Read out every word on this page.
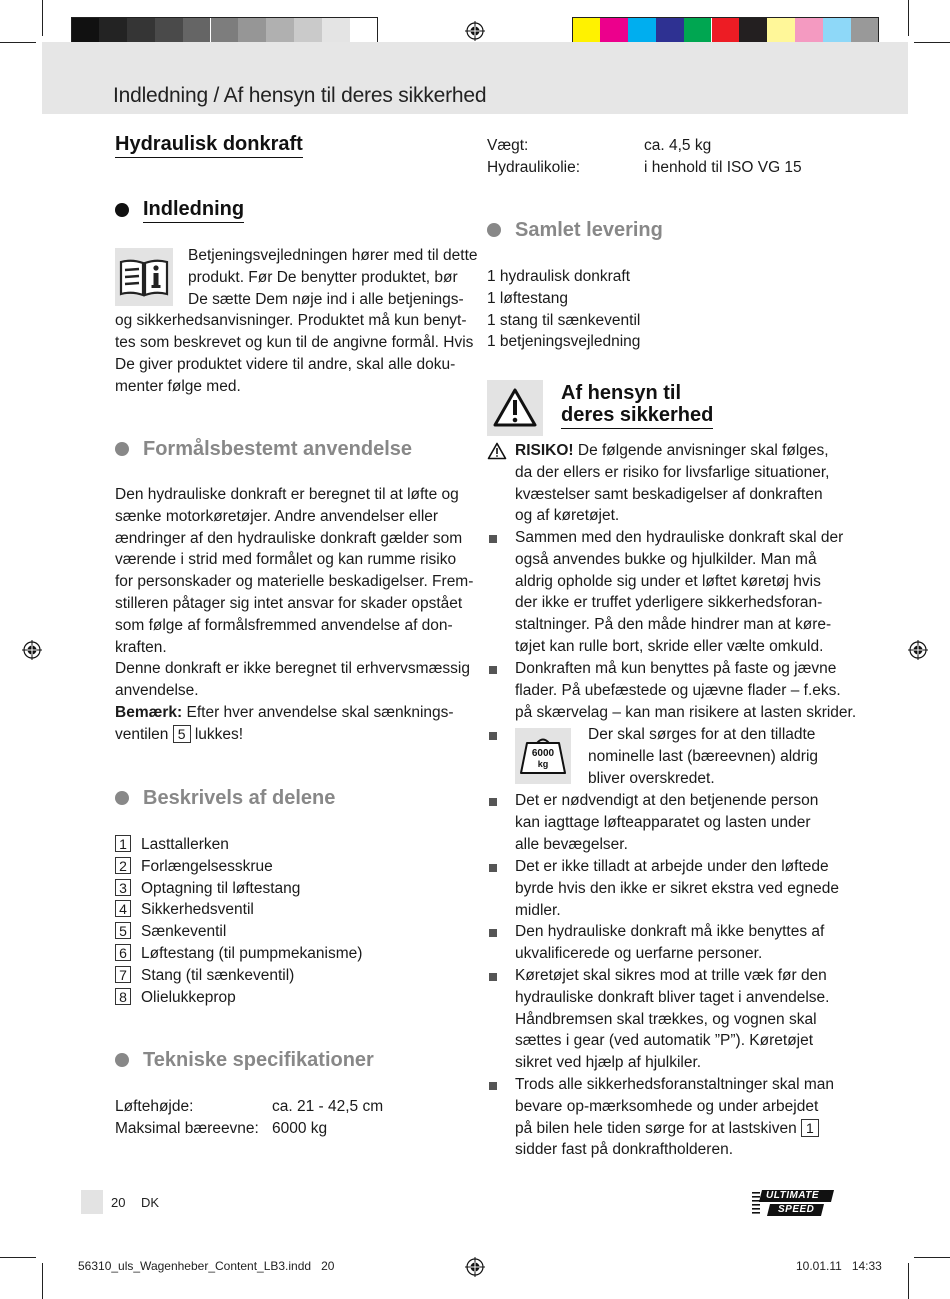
Indledning / Af hensyn til deres sikkerhed
Hydraulisk donkraft
Indledning
Betjeningsvejledningen hører med til dette
produkt. Før De benytter produktet, bør
De sætte Dem nøje ind i alle betjenings-
og sikkerhedsanvisninger. Produktet må kun benyt-
tes som beskrevet og kun til de angivne formål. Hvis
De giver produktet videre til andre, skal alle doku-
menter følge med.
Formålsbestemt anvendelse
Den hydrauliske donkraft er beregnet til at løfte og
sænke motorkøretøjer. Andre anvendelser eller
ændringer af den hydrauliske donkraft gælder som
værende i strid med formålet og kan rumme risiko
for personskader og materielle beskadigelser. Frem-
stilleren påtager sig intet ansvar for skader opstået
som følge af formålsfremmed anvendelse af don-
kraften.
Denne donkraft er ikke beregnet til erhvervsmæssig
anvendelse.
Bemærk: Efter hver anvendelse skal sænknings-
ventilen 5 lukkes!
Beskrivels af delene
1 Lasttallerken
2 Forlængelsesskrue
3 Optagning til løftestang
4 Sikkerhedsventil
5 Sænkeventil
6 Løftestang (til pumpmekanisme)
7 Stang (til sænkeventil)
8 Olielukkeprop
Tekniske specifikationer
Løftehøjde:	ca. 21 - 42,5 cm
Maksimal bæreevne: 6000 kg
Vægt:	ca. 4,5 kg
Hydraulikolie:	i henhold til ISO VG 15
Samlet levering
1 hydraulisk donkraft
1 løftestang
1 stang til sænkeventil
1 betjeningsvejledning
Af hensyn til
deres sikkerhed
RISIKO! De følgende anvisninger skal følges,
da der ellers er risiko for livsfarlige situationer,
kvæstelser samt beskadigelser af donkraften
og af køretøjet.
Sammen med den hydrauliske donkraft skal der
også anvendes bukke og hjulkilder. Man må
aldrig opholde sig under et løftet køretøj hvis
der ikke er truffet yderligere sikkerhedsforan-
staltninger. På den måde hindrer man at køre-
tøjet kan rulle bort, skride eller vælte omkuld.
Donkraften må kun benyttes på faste og jævne
flader. På ubefæstede og ujævne flader – f.eks.
på skærvelag – kan man risikere at lasten skrider.
6000
kg
Der skal sørges for at den tilladte
nominelle last (bæreevnen) aldrig
bliver overskredet.
Det er nødvendigt at den betjenende person
kan iagttage løfteapparatet og lasten under
alle bevægelser.
Det er ikke tilladt at arbejde under den løftede
byrde hvis den ikke er sikret ekstra ved egnede
midler.
Den hydrauliske donkraft må ikke benyttes af
ukvalificerede og uerfarne personer.
Køretøjet skal sikres mod at trille væk før den
hydrauliske donkraft bliver taget i anvendelse.
Håndbremsen skal trækkes, og vognen skal
sættes i gear (ved automatik ”P”). Køretøjet
sikret ved hjælp af hjulkiler.
Trods alle sikkerhedsforanstaltninger skal man
bevare op-mærksomhede og under arbejdet
på bilen hele tiden sørge for at lastskiven 1
sidder fast på donkraftholderen.
20 DK	ULTIMATE
SPEED
56310_uls_Wagenheber_Content_LB3.indd   20	10.01.11   14:33
